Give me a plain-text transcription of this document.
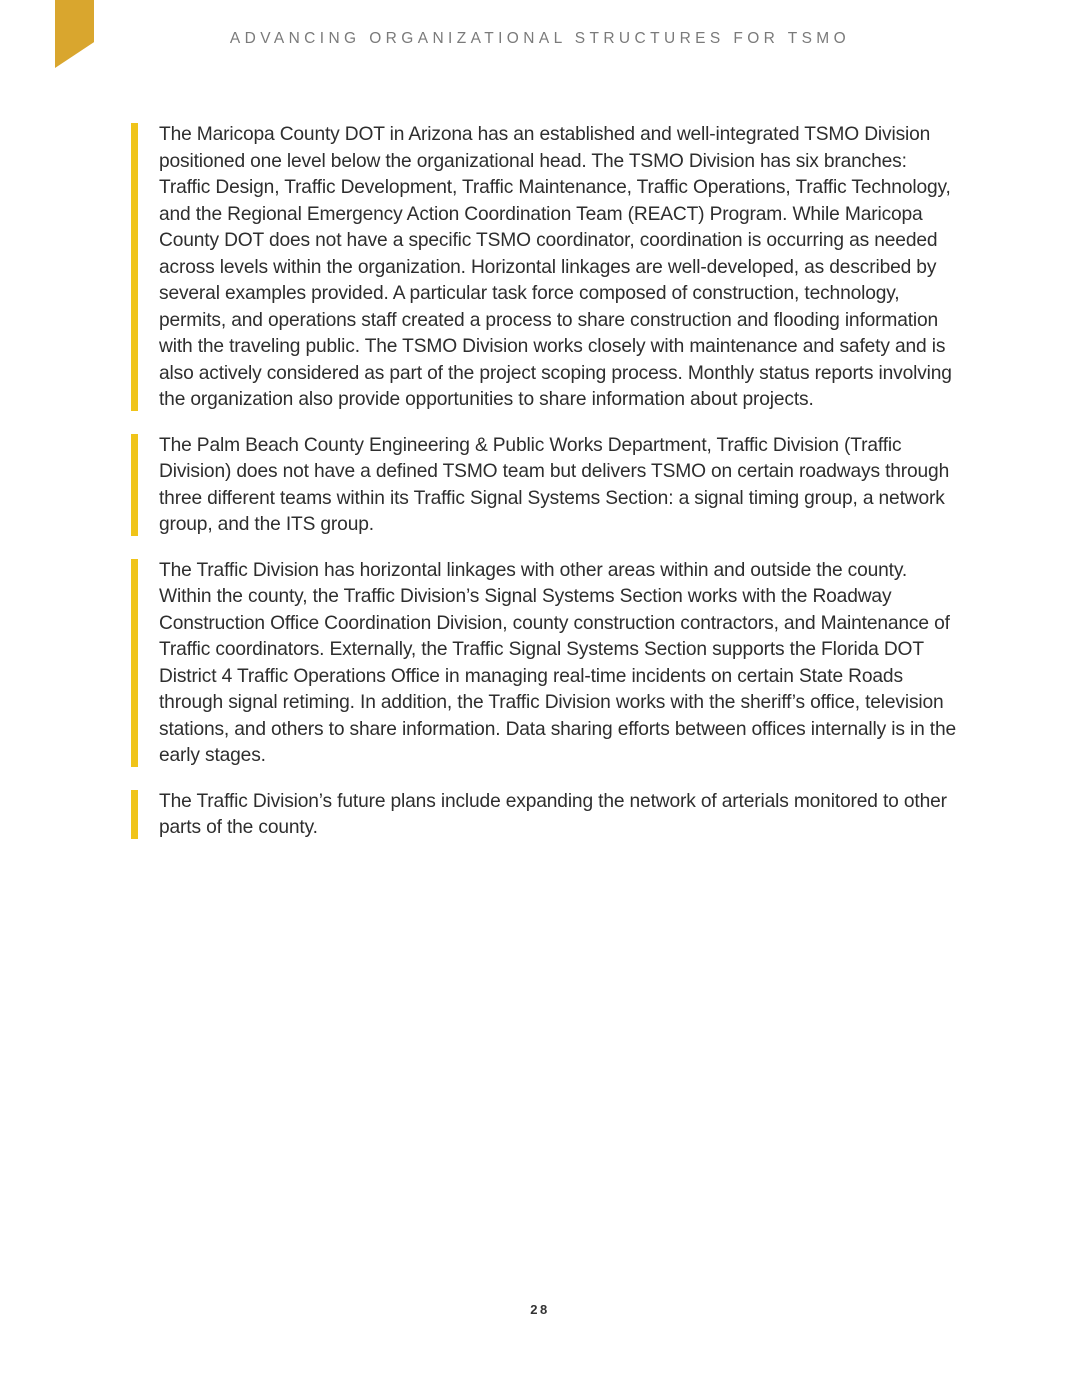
ADVANCING ORGANIZATIONAL STRUCTURES FOR TSMO

The Maricopa County DOT in Arizona has an established and well-integrated TSMO Division positioned one level below the organizational head. The TSMO Division has six branches: Traffic Design, Traffic Development, Traffic Maintenance, Traffic Operations, Traffic Technology, and the Regional Emergency Action Coordination Team (REACT) Program. While Maricopa County DOT does not have a specific TSMO coordinator, coordination is occurring as needed across levels within the organization. Horizontal linkages are well-developed, as described by several examples provided. A particular task force composed of construction, technology, permits, and operations staff created a process to share construction and flooding information with the traveling public. The TSMO Division works closely with maintenance and safety and is also actively considered as part of the project scoping process. Monthly status reports involving the organization also provide opportunities to share information about projects.

The Palm Beach County Engineering & Public Works Department, Traffic Division (Traffic Division) does not have a defined TSMO team but delivers TSMO on certain roadways through three different teams within its Traffic Signal Systems Section: a signal timing group, a network group, and the ITS group.

The Traffic Division has horizontal linkages with other areas within and outside the county. Within the county, the Traffic Division’s Signal Systems Section works with the Roadway Construction Office Coordination Division, county construction contractors, and Maintenance of Traffic coordinators. Externally, the Traffic Signal Systems Section supports the Florida DOT District 4 Traffic Operations Office in managing real-time incidents on certain State Roads through signal retiming. In addition, the Traffic Division works with the sheriff’s office, television stations, and others to share information. Data sharing efforts between offices internally is in the early stages.

The Traffic Division’s future plans include expanding the network of arterials monitored to other parts of the county.

28
